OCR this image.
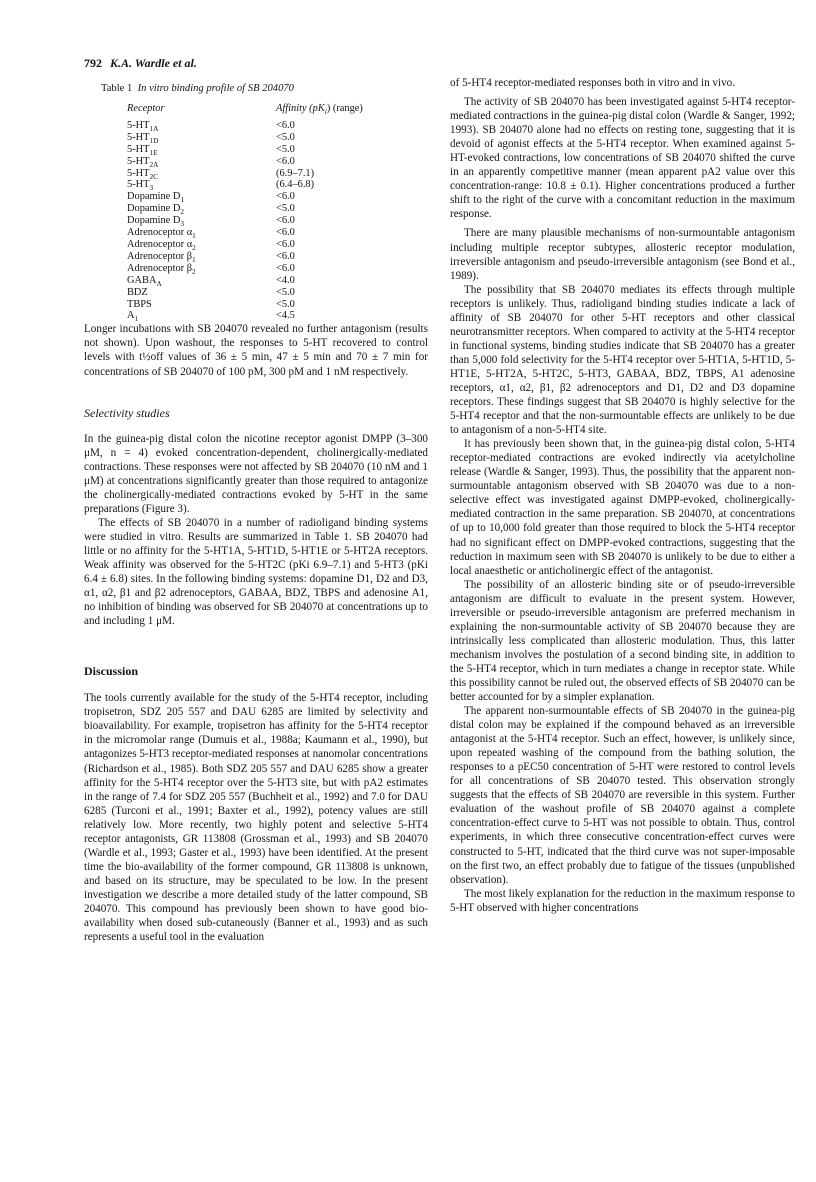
792 K.A. Wardle et al.
Table 1 In vitro binding profile of SB 204070
Receptor	Affinity $(pK_i)$ (range)
$5-HT_{1A}$	<6.0
$5-HT_{1D}$	<5.0
$5-HT_{1E}$	<5.0
$5-HT_{2A}$	<6.0
$5-HT_{2C}$	(6.9–7.1)
$5-HT_3$	(6.4–6.8)
Dopamine $D_1$	<6.0
Dopamine $D_2$	<5.0
Dopamine $D_3$	<6.0
Adrenoceptor $\alpha_1$	<6.0
Adrenoceptor $\alpha_2$	<6.0
Adrenoceptor $\beta_1$	<6.0
Adrenoceptor $\beta_2$	<6.0
$GABA_A$	<4.0
BDZ	<5.0
TBPS	<5.0
$A_1$	<4.5

Longer incubations with SB 204070 revealed no further antagonism (results not shown). Upon washout, the responses to 5-HT recovered to control levels with t½off values of 36 ± 5 min, 47 ± 5 min and 70 ± 7 min for concentrations of SB 204070 of 100 pM, 300 pM and 1 nM respectively.

Selectivity studies

In the guinea-pig distal colon the nicotine receptor agonist DMPP (3–300 μM, n = 4) evoked concentration-dependent, cholinergically-mediated contractions. These responses were not affected by SB 204070 (10 nM and 1 μM) at concentrations significantly greater than those required to antagonize the cholinergically-mediated contractions evoked by 5-HT in the same preparations (Figure 3).

The effects of SB 204070 in a number of radioligand binding systems were studied in vitro. Results are summarized in Table 1. SB 204070 had little or no affinity for the 5-HT1A, 5-HT1D, 5-HT1E or 5-HT2A receptors. Weak affinity was observed for the 5-HT2C (pKi 6.9–7.1) and 5-HT3 (pKi 6.4 ± 6.8) sites. In the following binding systems: dopamine D1, D2 and D3, α1, α2, β1 and β2 adrenoceptors, GABAA, BDZ, TBPS and adenosine A1, no inhibition of binding was observed for SB 204070 at concentrations up to and including 1 μM.

Discussion

The tools currently available for the study of the 5-HT4 receptor, including tropisetron, SDZ 205 557 and DAU 6285 are limited by selectivity and bioavailability. For example, tropisetron has affinity for the 5-HT4 receptor in the micromolar range (Dumuis et al., 1988a; Kaumann et al., 1990), but antagonizes 5-HT3 receptor-mediated responses at nanomolar concentrations (Richardson et al., 1985). Both SDZ 205 557 and DAU 6285 show a greater affinity for the 5-HT4 receptor over the 5-HT3 site, but with pA2 estimates in the range of 7.4 for SDZ 205 557 (Buchheit et al., 1992) and 7.0 for DAU 6285 (Turconi et al., 1991; Baxter et al., 1992), potency values are still relatively low. More recently, two highly potent and selective 5-HT4 receptor antagonists, GR 113808 (Grossman et al., 1993) and SB 204070 (Wardle et al., 1993; Gaster et al., 1993) have been identified. At the present time the bio-availability of the former compound, GR 113808 is unknown, and based on its structure, may be speculated to be low. In the present investigation we describe a more detailed study of the latter compound, SB 204070. This compound has previously been shown to have good bio-availability when dosed sub-cutaneously (Banner et al., 1993) and as such represents a useful tool in the evaluation

of 5-HT4 receptor-mediated responses both in vitro and in vivo.

The activity of SB 204070 has been investigated against 5-HT4 receptor-mediated contractions in the guinea-pig distal colon (Wardle & Sanger, 1992; 1993). SB 204070 alone had no effects on resting tone, suggesting that it is devoid of agonist effects at the 5-HT4 receptor. When examined against 5-HT-evoked contractions, low concentrations of SB 204070 shifted the curve in an apparently competitive manner (mean apparent pA2 value over this concentration-range: 10.8 ± 0.1). Higher concentrations produced a further shift to the right of the curve with a concomitant reduction in the maximum response.

There are many plausible mechanisms of non-surmountable antagonism including multiple receptor subtypes, allosteric receptor modulation, irreversible antagonism and pseudo-irreversible antagonism (see Bond et al., 1989).

The possibility that SB 204070 mediates its effects through multiple receptors is unlikely. Thus, radioligand binding studies indicate a lack of affinity of SB 204070 for other 5-HT receptors and other classical neurotransmitter receptors. When compared to activity at the 5-HT4 receptor in functional systems, binding studies indicate that SB 204070 has a greater than 5,000 fold selectivity for the 5-HT4 receptor over 5-HT1A, 5-HT1D, 5-HT1E, 5-HT2A, 5-HT2C, 5-HT3, GABAA, BDZ, TBPS, A1 adenosine receptors, α1, α2, β1, β2 adrenoceptors and D1, D2 and D3 dopamine receptors. These findings suggest that SB 204070 is highly selective for the 5-HT4 receptor and that the non-surmountable effects are unlikely to be due to antagonism of a non-5-HT4 site.

It has previously been shown that, in the guinea-pig distal colon, 5-HT4 receptor-mediated contractions are evoked indirectly via acetylcholine release (Wardle & Sanger, 1993). Thus, the possibility that the apparent non-surmountable antagonism observed with SB 204070 was due to a non-selective effect was investigated against DMPP-evoked, cholinergically-mediated contraction in the same preparation. SB 204070, at concentrations of up to 10,000 fold greater than those required to block the 5-HT4 receptor had no significant effect on DMPP-evoked contractions, suggesting that the reduction in maximum seen with SB 204070 is unlikely to be due to either a local anaesthetic or anticholinergic effect of the antagonist.

The possibility of an allosteric binding site or of pseudo-irreversible antagonism are difficult to evaluate in the present system. However, irreversible or pseudo-irreversible antagonism are preferred mechanism in explaining the non-surmountable activity of SB 204070 because they are intrinsically less complicated than allosteric modulation. Thus, this latter mechanism involves the postulation of a second binding site, in addition to the 5-HT4 receptor, which in turn mediates a change in receptor state. While this possibility cannot be ruled out, the observed effects of SB 204070 can be better accounted for by a simpler explanation.

The apparent non-surmountable effects of SB 204070 in the guinea-pig distal colon may be explained if the compound behaved as an irreversible antagonist at the 5-HT4 receptor. Such an effect, however, is unlikely since, upon repeated washing of the compound from the bathing solution, the responses to a pEC50 concentration of 5-HT were restored to control levels for all concentrations of SB 204070 tested. This observation strongly suggests that the effects of SB 204070 are reversible in this system. Further evaluation of the washout profile of SB 204070 against a complete concentration-effect curve to 5-HT was not possible to obtain. Thus, control experiments, in which three consecutive concentration-effect curves were constructed to 5-HT, indicated that the third curve was not super-imposable on the first two, an effect probably due to fatigue of the tissues (unpublished observation).

The most likely explanation for the reduction in the maximum response to 5-HT observed with higher concentrations
